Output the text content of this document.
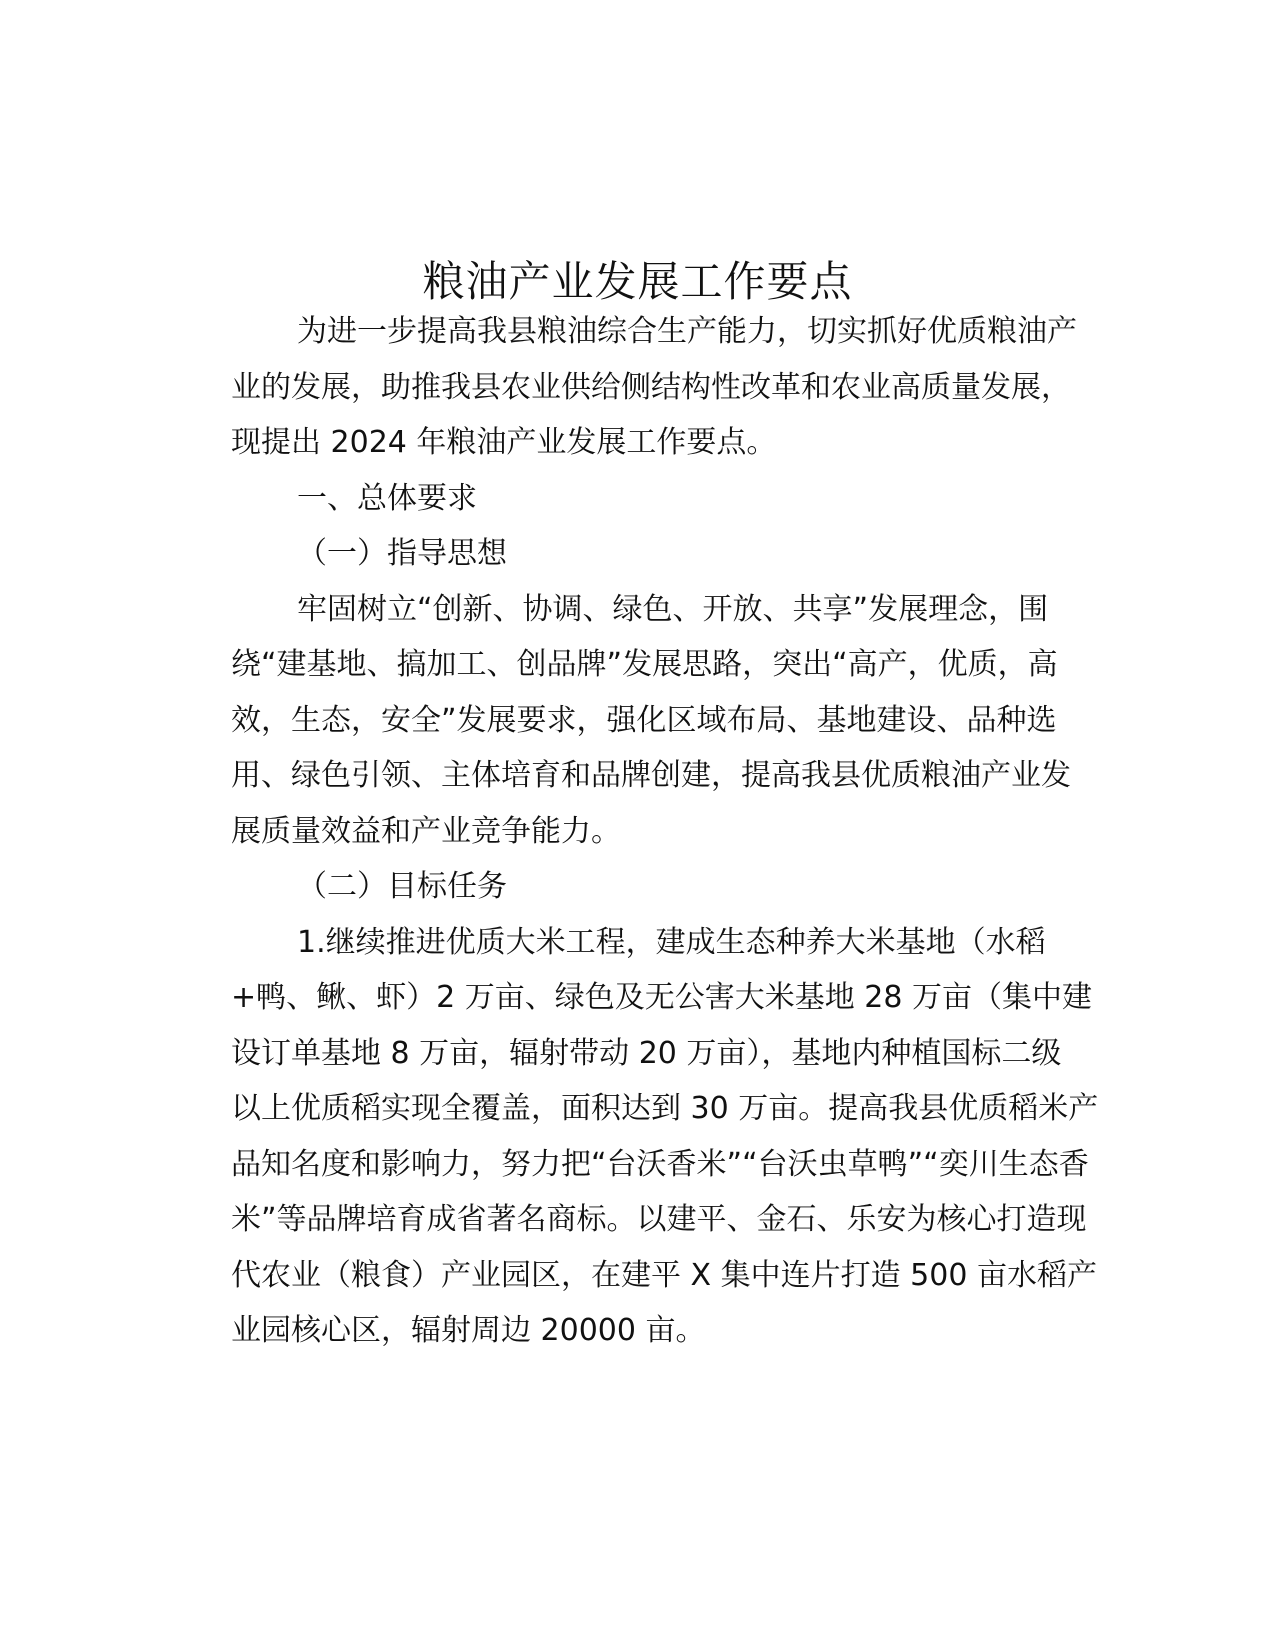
粮油产业发展工作要点

为进一步提高我县粮油综合生产能力，切实抓好优质粮油产
业的发展，助推我县农业供给侧结构性改革和农业高质量发展，
现提出 2024 年粮油产业发展工作要点。

一、总体要求

（一）指导思想

牢固树立“创新、协调、绿色、开放、共享”发展理念，围
绕“建基地、搞加工、创品牌”发展思路，突出“高产，优质，高
效，生态，安全”发展要求，强化区域布局、基地建设、品种选
用、绿色引领、主体培育和品牌创建，提高我县优质粮油产业发
展质量效益和产业竞争能力。

（二）目标任务

1.继续推进优质大米工程，建成生态种养大米基地（水稻
+鸭、鳅、虾）2 万亩、绿色及无公害大米基地 28 万亩（集中建
设订单基地 8 万亩，辐射带动 20 万亩），基地内种植国标二级
以上优质稻实现全覆盖，面积达到 30 万亩。提高我县优质稻米产
品知名度和影响力，努力把“台沃香米”“台沃虫草鸭”“奕川生态香
米”等品牌培育成省著名商标。以建平、金石、乐安为核心打造现
代农业（粮食）产业园区，在建平 X 集中连片打造 500 亩水稻产
业园核心区，辐射周边 20000 亩。
